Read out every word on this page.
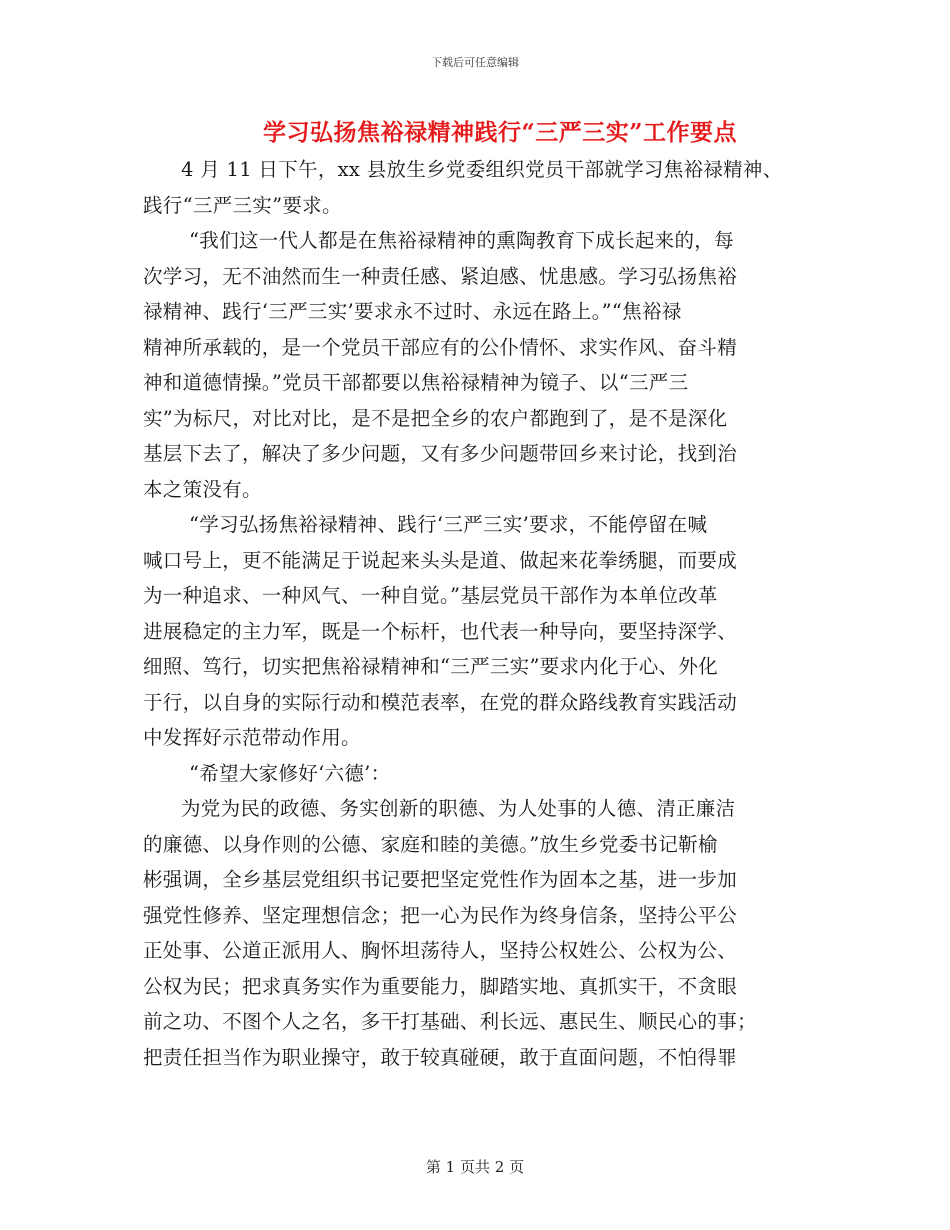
下载后可任意编辑
学习弘扬焦裕禄精神践行“三严三实”工作要点
4 月 11 日下午，xx 县放生乡党委组织党员干部就学习焦裕禄精神、
践行“三严三实”要求。
“我们这一代人都是在焦裕禄精神的熏陶教育下成长起来的，每
次学习，无不油然而生一种责任感、紧迫感、忧患感。学习弘扬焦裕
禄精神、践行‘三严三实’要求永不过时、永远在路上。”“焦裕禄
精神所承载的，是一个党员干部应有的公仆情怀、求实作风、奋斗精
神和道德情操。”党员干部都要以焦裕禄精神为镜子、以“三严三
实”为标尺，对比对比，是不是把全乡的农户都跑到了，是不是深化
基层下去了，解决了多少问题，又有多少问题带回乡来讨论，找到治
本之策没有。
“学习弘扬焦裕禄精神、践行‘三严三实’要求，不能停留在喊
喊口号上，更不能满足于说起来头头是道、做起来花拳绣腿，而要成
为一种追求、一种风气、一种自觉。”基层党员干部作为本单位改革
进展稳定的主力军，既是一个标杆，也代表一种导向，要坚持深学、
细照、笃行，切实把焦裕禄精神和“三严三实”要求内化于心、外化
于行，以自身的实际行动和模范表率，在党的群众路线教育实践活动
中发挥好示范带动作用。
“希望大家修好‘六德’：
为党为民的政德、务实创新的职德、为人处事的人德、清正廉洁
的廉德、以身作则的公德、家庭和睦的美德。”放生乡党委书记靳榆
彬强调，全乡基层党组织书记要把坚定党性作为固本之基，进一步加
强党性修养、坚定理想信念；把一心为民作为终身信条，坚持公平公
正处事、公道正派用人、胸怀坦荡待人，坚持公权姓公、公权为公、
公权为民；把求真务实作为重要能力，脚踏实地、真抓实干，不贪眼
前之功、不图个人之名，多干打基础、利长远、惠民生、顺民心的事；
把责任担当作为职业操守，敢于较真碰硬，敢于直面问题，不怕得罪
第 1 页共 2 页
